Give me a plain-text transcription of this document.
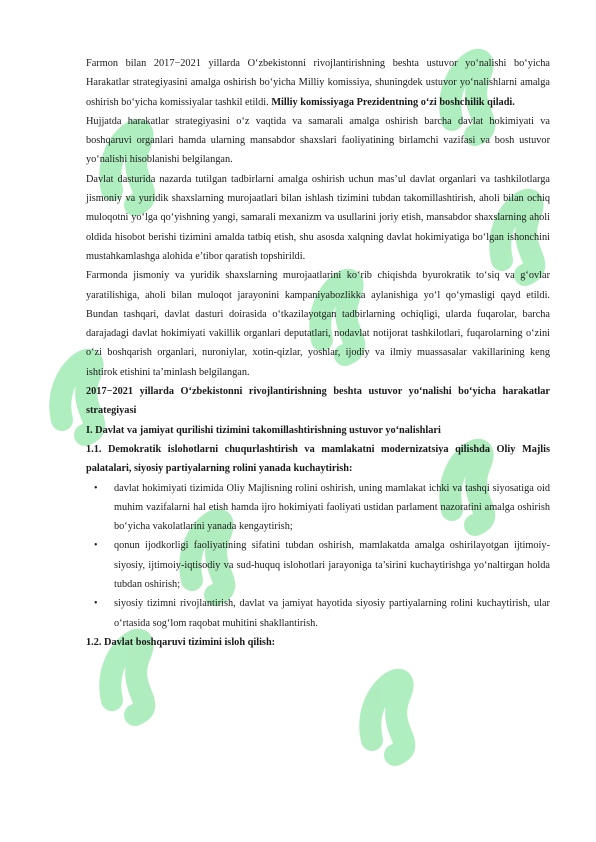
Farmon bilan 2017−2021 yillarda O‘zbekistonni rivojlantirishning beshta ustuvor yo‘nalishi bo‘yicha Harakatlar strategiyasini amalga oshirish bo‘yicha Milliy komissiya, shuningdek ustuvor yo‘nalishlarni amalga oshirish bo‘yicha komissiyalar tashkil etildi. Milliy komissiyaga Prezidentning o‘zi boshchilik qiladi.

Hujjatda harakatlar strategiyasini o‘z vaqtida va samarali amalga oshirish barcha davlat hokimiyati va boshqaruvi organlari hamda ularning mansabdor shaxslari faoliyatining birlamchi vazifasi va bosh ustuvor yo‘nalishi hisoblanishi belgilangan.

Davlat dasturida nazarda tutilgan tadbirlarni amalga oshirish uchun mas’ul davlat organlari va tashkilotlarga jismoniy va yuridik shaxslarning murojaatlari bilan ishlash tizimini tubdan takomillashtirish, aholi bilan ochiq muloqotni yo‘lga qo‘yishning yangi, samarali mexanizm va usullarini joriy etish, mansabdor shaxslarning aholi oldida hisobot berishi tizimini amalda tatbiq etish, shu asosda xalqning davlat hokimiyatiga bo‘lgan ishonchini mustahkamlashga alohida e’tibor qaratish topshirildi.

Farmonda jismoniy va yuridik shaxslarning murojaatlarini ko‘rib chiqishda byurokratik to‘siq va g‘ovlar yaratilishiga, aholi bilan muloqot jarayonini kampaniyabozlikka aylanishiga yo‘l qo‘ymasligi qayd etildi. Bundan tashqari, davlat dasturi doirasida o‘tkazilayotgan tadbirlarning ochiqligi, ularda fuqarolar, barcha darajadagi davlat hokimiyati vakillik organlari deputatlari, nodavlat notijorat tashkilotlari, fuqarolarning o‘zini o‘zi boshqarish organlari, nuroniylar, xotin-qizlar, yoshlar, ijodiy va ilmiy muassasalar vakillarining keng ishtirok etishini ta’minlash belgilangan.

2017−2021 yillarda O‘zbekistonni rivojlantirishning beshta ustuvor yo‘nalishi bo‘yicha harakatlar strategiyasi

I. Davlat va jamiyat qurilishi tizimini takomillashtirishning ustuvor yo‘nalishlari

1.1. Demokratik islohotlarni chuqurlashtirish va mamlakatni modernizatsiya qilishda Oliy Majlis palatalari, siyosiy partiyalarning rolini yanada kuchaytirish:

• davlat hokimiyati tizimida Oliy Majlisning rolini oshirish, uning mamlakat ichki va tashqi siyosatiga oid muhim vazifalarni hal etish hamda ijro hokimiyati faoliyati ustidan parlament nazoratini amalga oshirish bo‘yicha vakolatlarini yanada kengaytirish;
• qonun ijodkorligi faoliyatining sifatini tubdan oshirish, mamlakatda amalga oshirilayotgan ijtimoiy-siyosiy, ijtimoiy-iqtisodiy va sud-huquq islohotlari jarayoniga ta’sirini kuchaytirishga yo‘naltirgan holda tubdan oshirish;
• siyosiy tizimni rivojlantirish, davlat va jamiyat hayotida siyosiy partiyalarning rolini kuchaytirish, ular o‘rtasida sog‘lom raqobat muhitini shakllantirish.

1.2. Davlat boshqaruvi tizimini isloh qilish:
